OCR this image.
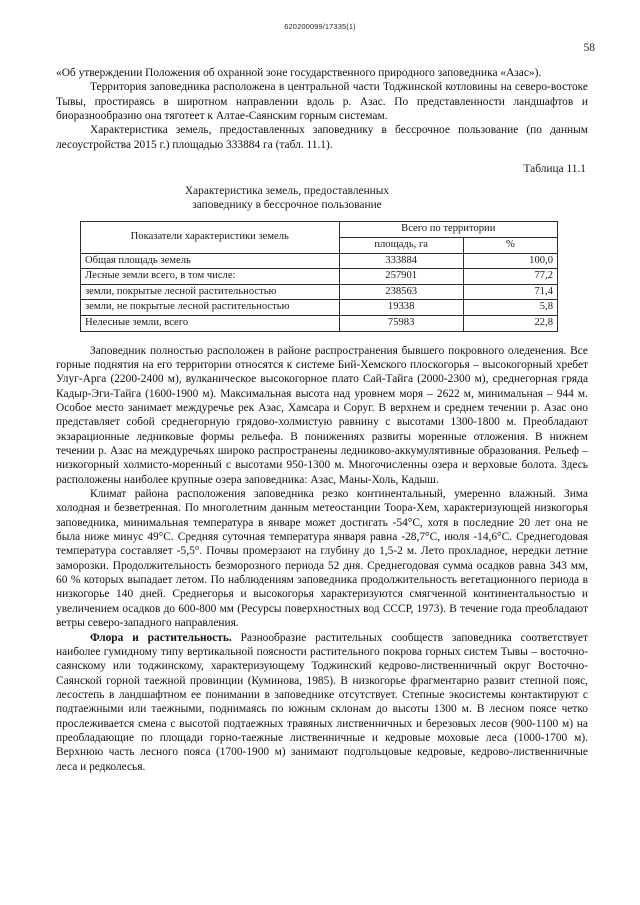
620200099/17335(1)
58

«Об утверждении Положения об охранной зоне государственного природного заповедника «Азас»).

Территория заповедника расположена в центральной части Тоджинской котловины на северо-востоке Тывы, простираясь в широтном направлении вдоль р. Азас. По представленности ландшафтов и биоразнообразию она тяготеет к Алтае-Саянским горным системам.

Характеристика земель, предоставленных заповеднику в бессрочное пользование (по данным лесоустройства 2015 г.) площадью 333884 га (табл. 11.1).

Таблица 11.1

Характеристика земель, предоставленных
заповеднику в бессрочное пользование

Показатели характеристики земель	Всего по территории	
	площадь, га	%
Общая площадь земель	333884	100,0
Лесные земли всего, в том числе:	257901	77,2
земли, покрытые лесной растительностью	238563	71,4
земли, не покрытые лесной растительностью	19338	5,8
Нелесные земли, всего	75983	22,8

Заповедник полностью расположен в районе распространения бывшего покровного оледенения. Все горные поднятия на его территории относятся к системе Бий-Хемского плоскогорья – высокогорный хребет Улуг-Арга (2200-2400 м), вулканическое высокогорное плато Сай-Тайга (2000-2300 м), среднегорная гряда Кадыр-Эги-Тайга (1600-1900 м). Максимальная высота над уровнем моря – 2622 м, минимальная – 944 м. Особое место занимает междуречье рек Азас, Хамсара и Соруг. В верхнем и среднем течении р. Азас оно представляет собой среднегорную грядово-холмистую равнину с высотами 1300-1800 м. Преобладают экзарационные ледниковые формы рельефа. В понижениях развиты моренные отложения. В нижнем течении р. Азас на междуречьях широко распространены ледниково-аккумулятивные образования. Рельеф – низкогорный холмисто-моренный с высотами 950-1300 м. Многочисленны озера и верховые болота. Здесь расположены наиболее крупные озера заповедника: Азас, Маны-Холь, Кадыш.

Климат района расположения заповедника резко континентальный, умеренно влажный. Зима холодная и безветренная. По многолетним данным метеостанции Тоора-Хем, характеризующей низкогорья заповедника, минимальная температура в январе может достигать -54°С, хотя в последние 20 лет она не была ниже минус 49°С. Средняя суточная температура января равна -28,7°С, июля -14,6°С. Среднегодовая температура составляет -5,5°. Почвы промерзают на глубину до 1,5-2 м. Лето прохладное, нередки летние заморозки. Продолжительность безморозного периода 52 дня. Среднегодовая сумма осадков равна 343 мм, 60 % которых выпадает летом. По наблюдениям заповедника продолжительность вегетационного периода в низкогорье 140 дней. Среднегорья и высокогорья характеризуются смягченной континентальностью и увеличением осадков до 600-800 мм (Ресурсы поверхностных вод СССР, 1973). В течение года преобладают ветры северо-западного направления.

Флора и растительность. Разнообразие растительных сообществ заповедника соответствует наиболее гумидному типу вертикальной поясности растительного покрова горных систем Тывы – восточно-саянскому или тоджинскому, характеризующему Тоджинский кедрово-лиственничный округ Восточно-Саянской горной таежной провинции (Куминова, 1985). В низкогорье фрагментарно развит степной пояс, лесостепь в ландшафтном ее понимании в заповеднике отсутствует. Степные экосистемы контактируют с подтаежными или таежными, поднимаясь по южным склонам до высоты 1300 м. В лесном поясе четко прослеживается смена с высотой подтаежных травяных лиственничных и березовых лесов (900-1100 м) на преобладающие по площади горно-таежные лиственничные и кедровые моховые леса (1000-1700 м). Верхнюю часть лесного пояса (1700-1900 м) занимают подгольцовые кедровые, кедрово-лиственничные леса и редколесья.
